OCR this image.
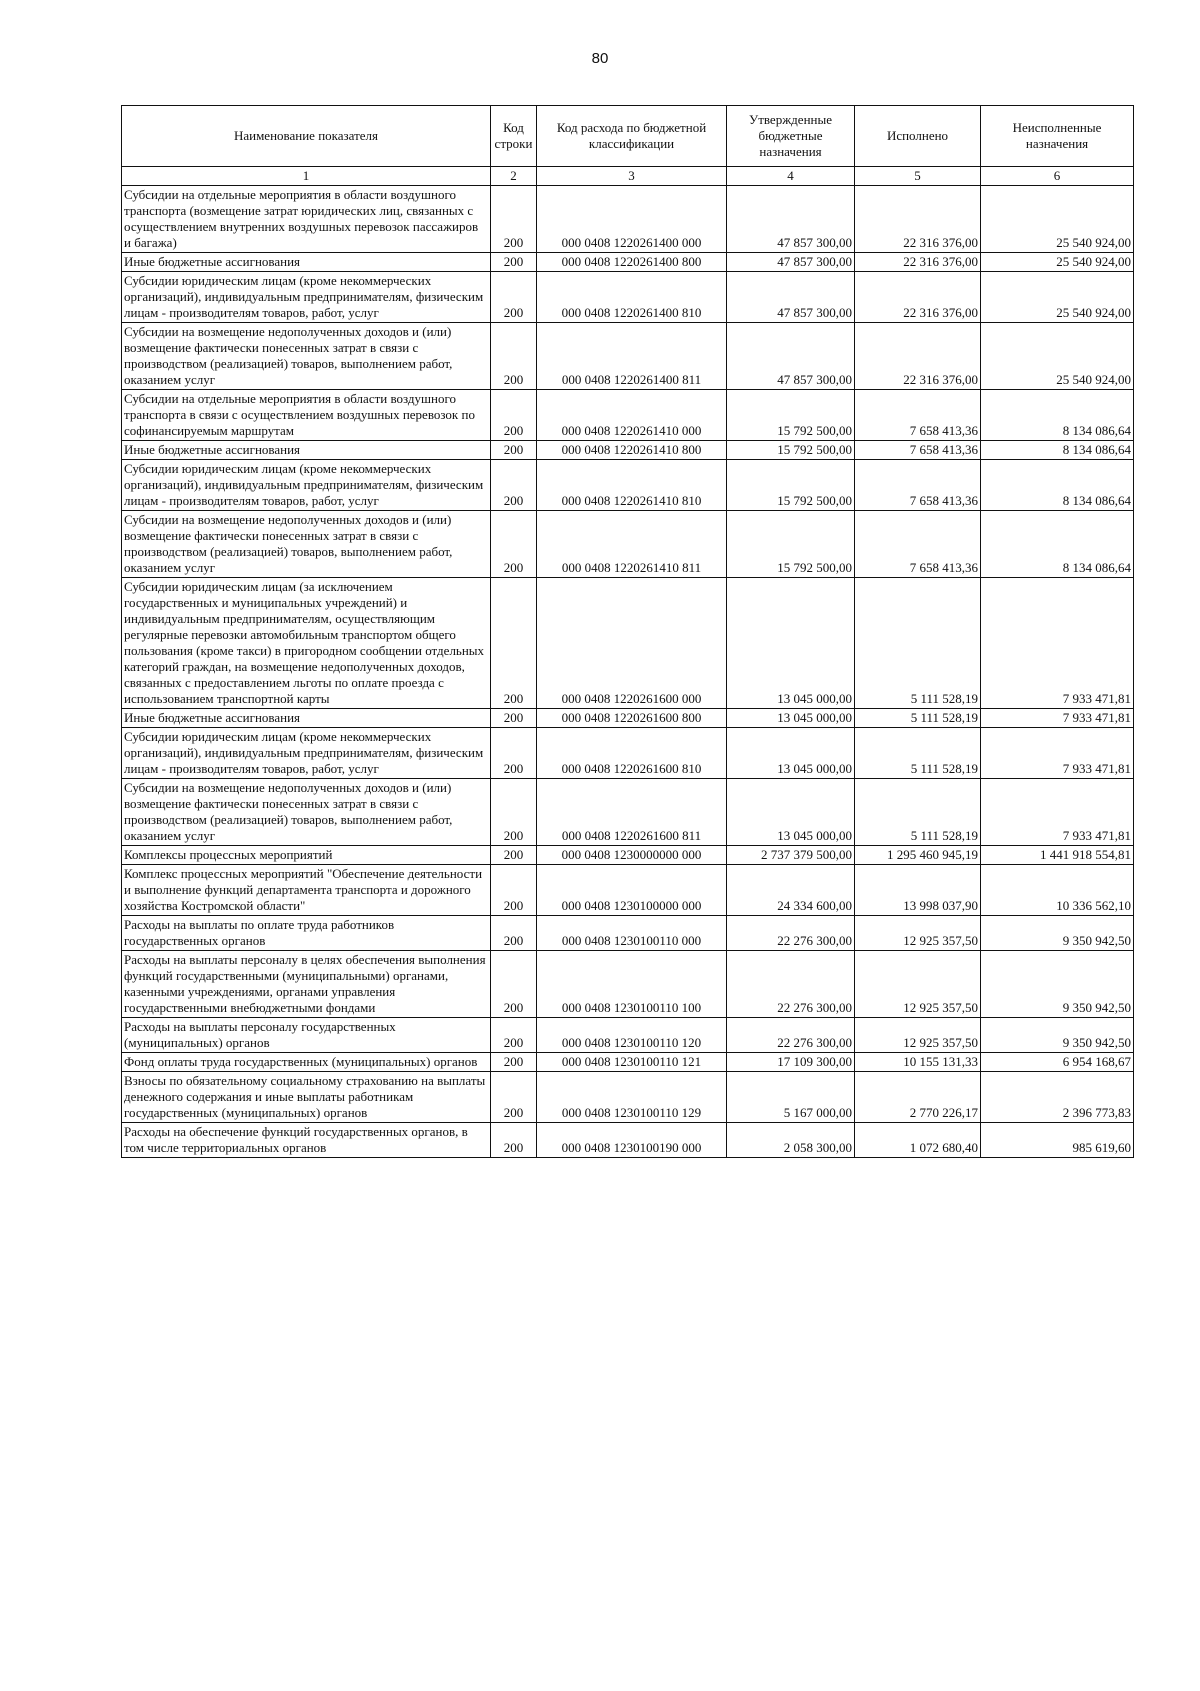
80
Наименование показателя	Код строки	Код расхода по бюджетной классификации	Утвержденные бюджетные назначения	Исполнено	Неисполненные назначения
1	2	3	4	5	6
Субсидии на отдельные мероприятия в области воздушного транспорта (возмещение затрат юридических лиц, связанных с осуществлением внутренних воздушных перевозок пассажиров и багажа)	200	000 0408 1220261400 000	47 857 300,00	22 316 376,00	25 540 924,00
Иные бюджетные ассигнования	200	000 0408 1220261400 800	47 857 300,00	22 316 376,00	25 540 924,00
Субсидии юридическим лицам (кроме некоммерческих организаций), индивидуальным предпринимателям, физическим лицам - производителям товаров, работ, услуг	200	000 0408 1220261400 810	47 857 300,00	22 316 376,00	25 540 924,00
Субсидии на возмещение недополученных доходов и (или) возмещение фактически понесенных затрат в связи с производством (реализацией) товаров, выполнением работ, оказанием услуг	200	000 0408 1220261400 811	47 857 300,00	22 316 376,00	25 540 924,00
Субсидии на отдельные мероприятия в области воздушного транспорта в связи с осуществлением воздушных перевозок по софинансируемым маршрутам	200	000 0408 1220261410 000	15 792 500,00	7 658 413,36	8 134 086,64
Иные бюджетные ассигнования	200	000 0408 1220261410 800	15 792 500,00	7 658 413,36	8 134 086,64
Субсидии юридическим лицам (кроме некоммерческих организаций), индивидуальным предпринимателям, физическим лицам - производителям товаров, работ, услуг	200	000 0408 1220261410 810	15 792 500,00	7 658 413,36	8 134 086,64
Субсидии на возмещение недополученных доходов и (или) возмещение фактически понесенных затрат в связи с производством (реализацией) товаров, выполнением работ, оказанием услуг	200	000 0408 1220261410 811	15 792 500,00	7 658 413,36	8 134 086,64
Субсидии юридическим лицам (за исключением государственных и муниципальных учреждений) и индивидуальным предпринимателям, осуществляющим регулярные перевозки автомобильным транспортом общего пользования (кроме такси) в пригородном сообщении отдельных категорий граждан, на возмещение недополученных доходов, связанных с предоставлением льготы по оплате проезда с использованием транспортной карты	200	000 0408 1220261600 000	13 045 000,00	5 111 528,19	7 933 471,81
Иные бюджетные ассигнования	200	000 0408 1220261600 800	13 045 000,00	5 111 528,19	7 933 471,81
Субсидии юридическим лицам (кроме некоммерческих организаций), индивидуальным предпринимателям, физическим лицам - производителям товаров, работ, услуг	200	000 0408 1220261600 810	13 045 000,00	5 111 528,19	7 933 471,81
Субсидии на возмещение недополученных доходов и (или) возмещение фактически понесенных затрат в связи с производством (реализацией) товаров, выполнением работ, оказанием услуг	200	000 0408 1220261600 811	13 045 000,00	5 111 528,19	7 933 471,81
Комплексы процессных мероприятий	200	000 0408 1230000000 000	2 737 379 500,00	1 295 460 945,19	1 441 918 554,81
Комплекс процессных мероприятий "Обеспечение деятельности и выполнение функций департамента транспорта и дорожного хозяйства Костромской области"	200	000 0408 1230100000 000	24 334 600,00	13 998 037,90	10 336 562,10
Расходы на выплаты по оплате труда работников государственных органов	200	000 0408 1230100110 000	22 276 300,00	12 925 357,50	9 350 942,50
Расходы на выплаты персоналу в целях обеспечения выполнения функций государственными (муниципальными) органами, казенными учреждениями, органами управления государственными внебюджетными фондами	200	000 0408 1230100110 100	22 276 300,00	12 925 357,50	9 350 942,50
Расходы на выплаты персоналу государственных (муниципальных) органов	200	000 0408 1230100110 120	22 276 300,00	12 925 357,50	9 350 942,50
Фонд оплаты труда государственных (муниципальных) органов	200	000 0408 1230100110 121	17 109 300,00	10 155 131,33	6 954 168,67
Взносы по обязательному социальному страхованию на выплаты денежного содержания и иные выплаты работникам государственных (муниципальных) органов	200	000 0408 1230100110 129	5 167 000,00	2 770 226,17	2 396 773,83
Расходы на обеспечение функций государственных органов, в том числе территориальных органов	200	000 0408 1230100190 000	2 058 300,00	1 072 680,40	985 619,60
